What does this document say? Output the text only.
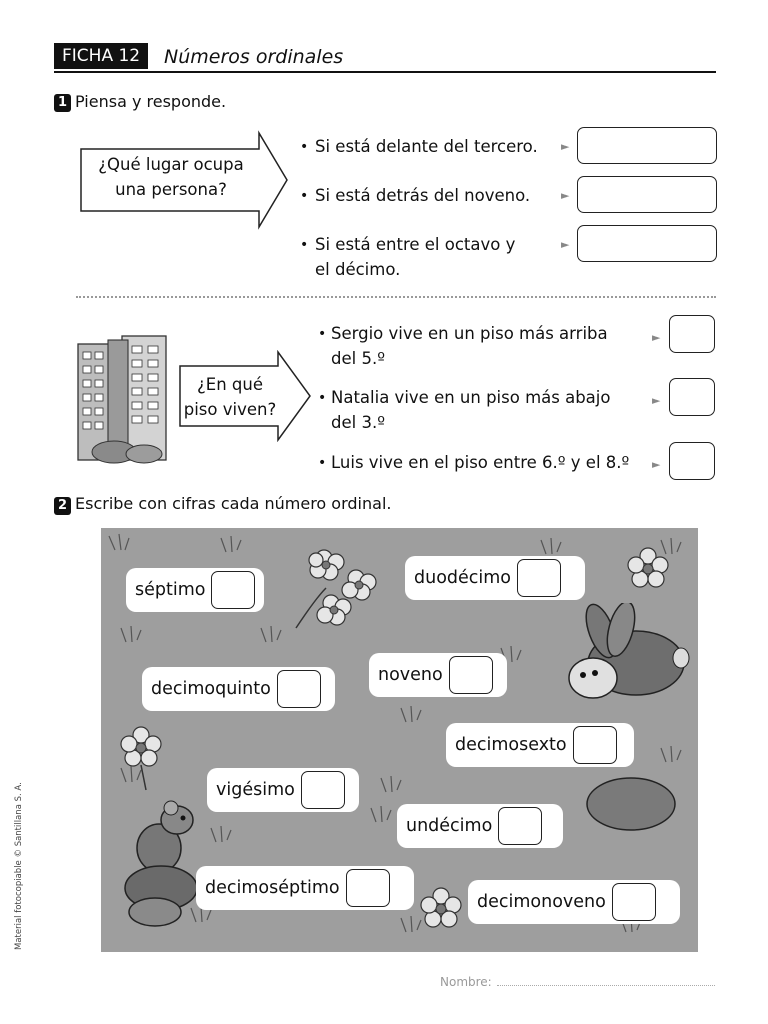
FICHA 12	Números ordinales
1 Piensa y responde.
¿Qué lugar ocupa
una persona?
• Si está delante del tercero. ►
• Si está detrás del noveno.	►
• Si está entre el octavo y
el décimo.
►
¿En qué
piso viven?
• Sergio vive en un piso más arriba
del 5.º
►
• Natalia vive en un piso más abajo
del 3.º
►
• Luis vive en el piso entre 6.º y el 8.º ►
2 Escribe con cifras cada número ordinal.
séptimo
duodécimo
decimoquinto
noveno
decimosexto
vigésimo
undécimo
decimoséptimo
decimonoveno
Nombre:
Material fotocopiable © Santillana S. A.
